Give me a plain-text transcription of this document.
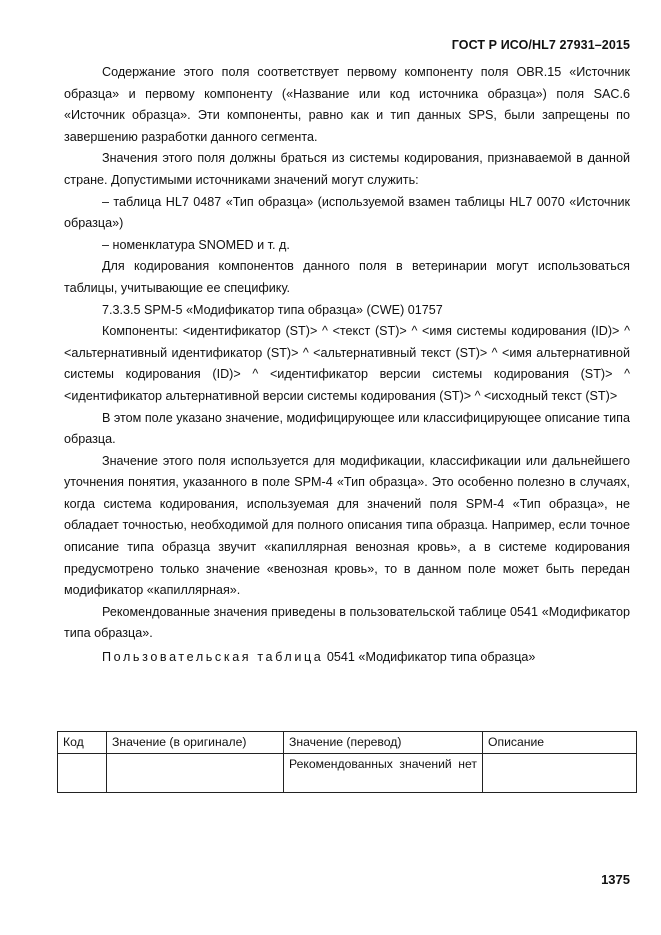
ГОСТ Р ИСО/HL7 27931–2015

Содержание этого поля соответствует первому компоненту поля OBR.15 «Источник образца» и первому компоненту («Название или код источника образца») поля SAC.6 «Источник образца». Эти компоненты, равно как и тип данных SPS, были запрещены по завершению разработки данного сегмента.

Значения этого поля должны браться из системы кодирования, признаваемой в данной стране. Допустимыми источниками значений могут служить:

– таблица HL7 0487 «Тип образца» (используемой взамен таблицы HL7 0070 «Источник образца»)

– номенклатура SNOMED и т. д.

Для кодирования компонентов данного поля в ветеринарии могут использоваться таблицы, учитывающие ее специфику.

7.3.3.5 SPM-5 «Модификатор типа образца» (CWE) 01757

Компоненты: <идентификатор (ST)> ^ <текст (ST)> ^ <имя системы кодирования (ID)> ^ <альтернативный идентификатор (ST)> ^ <альтернативный текст (ST)> ^ <имя альтернативной системы кодирования (ID)> ^ <идентификатор версии системы кодирования (ST)> ^ <идентификатор альтернативной версии системы кодирования (ST)> ^ <исходный текст (ST)>

В этом поле указано значение, модифицирующее или классифицирующее описание типа образца.

Значение этого поля используется для модификации, классификации или дальнейшего уточнения понятия, указанного в поле SPM-4 «Тип образца». Это особенно полезно в случаях, когда система кодирования, используемая для значений поля SPM-4 «Тип образца», не обладает точностью, необходимой для полного описания типа образца. Например, если точное описание типа образца звучит «капиллярная венозная кровь», а в системе кодирования предусмотрено только значение «венозная кровь», то в данном поле может быть передан модификатор «капиллярная».

Рекомендованные значения приведены в пользовательской таблице 0541 «Модификатор типа образца».

Пользовательская таблица 0541 «Модификатор типа образца»

Код	Значение (в оригинале)	Значение (перевод)	Описание

		Рекомендованных значений нет	

1375
